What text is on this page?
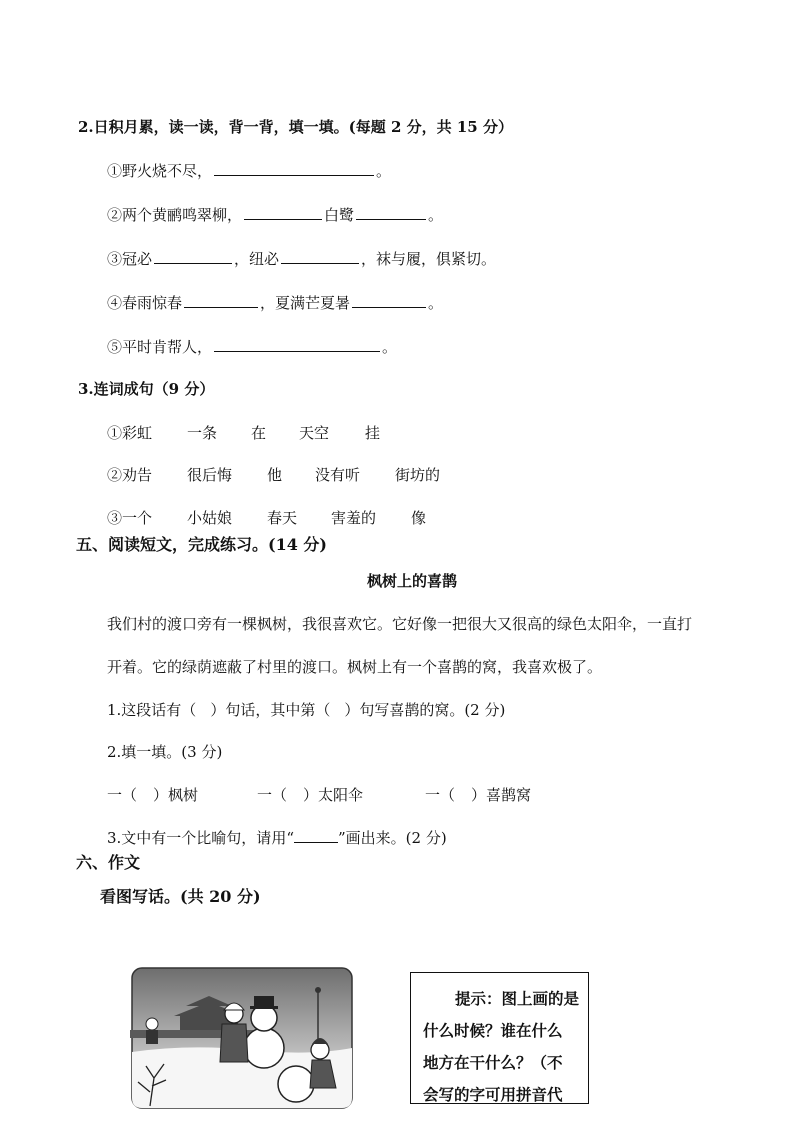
2.日积月累，读一读，背一背，填一填。(每题 2 分，共 15 分）
①野火烧不尽，	。
②两个黄鹂鸣翠柳，	白鹭	。
③冠必	，纽必	，袜与履，俱紧切。
④春雨惊春	，夏满芒夏暑	。
⑤平时肯帮人，	。
3.连词成句（9 分）
①彩虹 一条 在 天空 挂
②劝告 很后悔 他 没有听 街坊的
③一个 小姑娘 春天 害羞的 像
五、阅读短文，完成练习。(14 分)
枫树上的喜鹊
我们村的渡口旁有一棵枫树，我很喜欢它。它好像一把很大又很高的绿色太阳伞，一直打
开着。它的绿荫遮蔽了村里的渡口。枫树上有一个喜鹊的窝，我喜欢极了。
1.这段话有（ ）句话，其中第（ ）句写喜鹊的窝。(2 分)
2.填一填。(3 分)
一（ ）枫树	一（ ）太阳伞	一（ ）喜鹊窝
3.文中有一个比喻句，请用“	”画出来。(2 分)
六、作文
看图写话。(共 20 分)

提示：图上画的是

什么时候？谁在什么

地方在干什么？（不

会写的字可用拼音代
